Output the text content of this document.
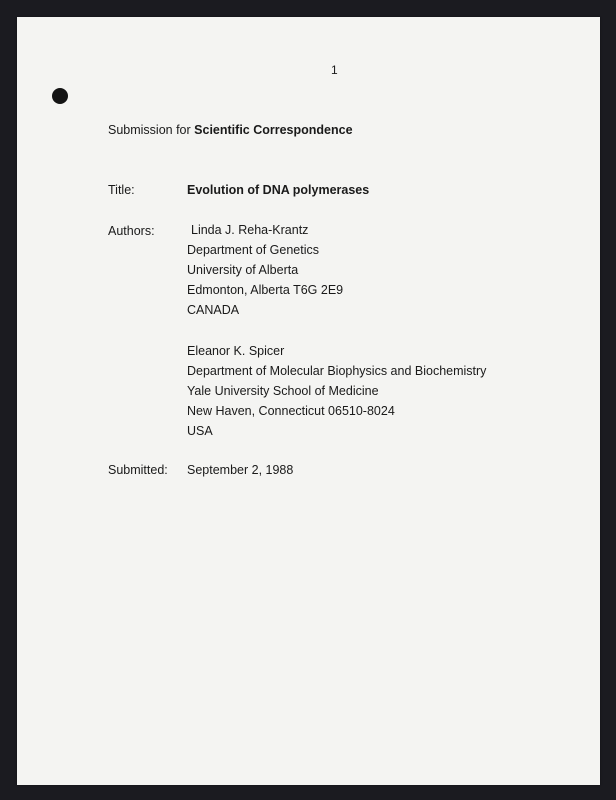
1
Submission for Scientific Correspondence
Title:	Evolution of DNA polymerases
Authors:	Linda J. Reha-Krantz
Department of Genetics
University of Alberta
Edmonton, Alberta T6G 2E9
CANADA
Eleanor K. Spicer
Department of Molecular Biophysics and Biochemistry
Yale University School of Medicine
New Haven, Connecticut 06510-8024
USA
Submitted: September 2, 1988
